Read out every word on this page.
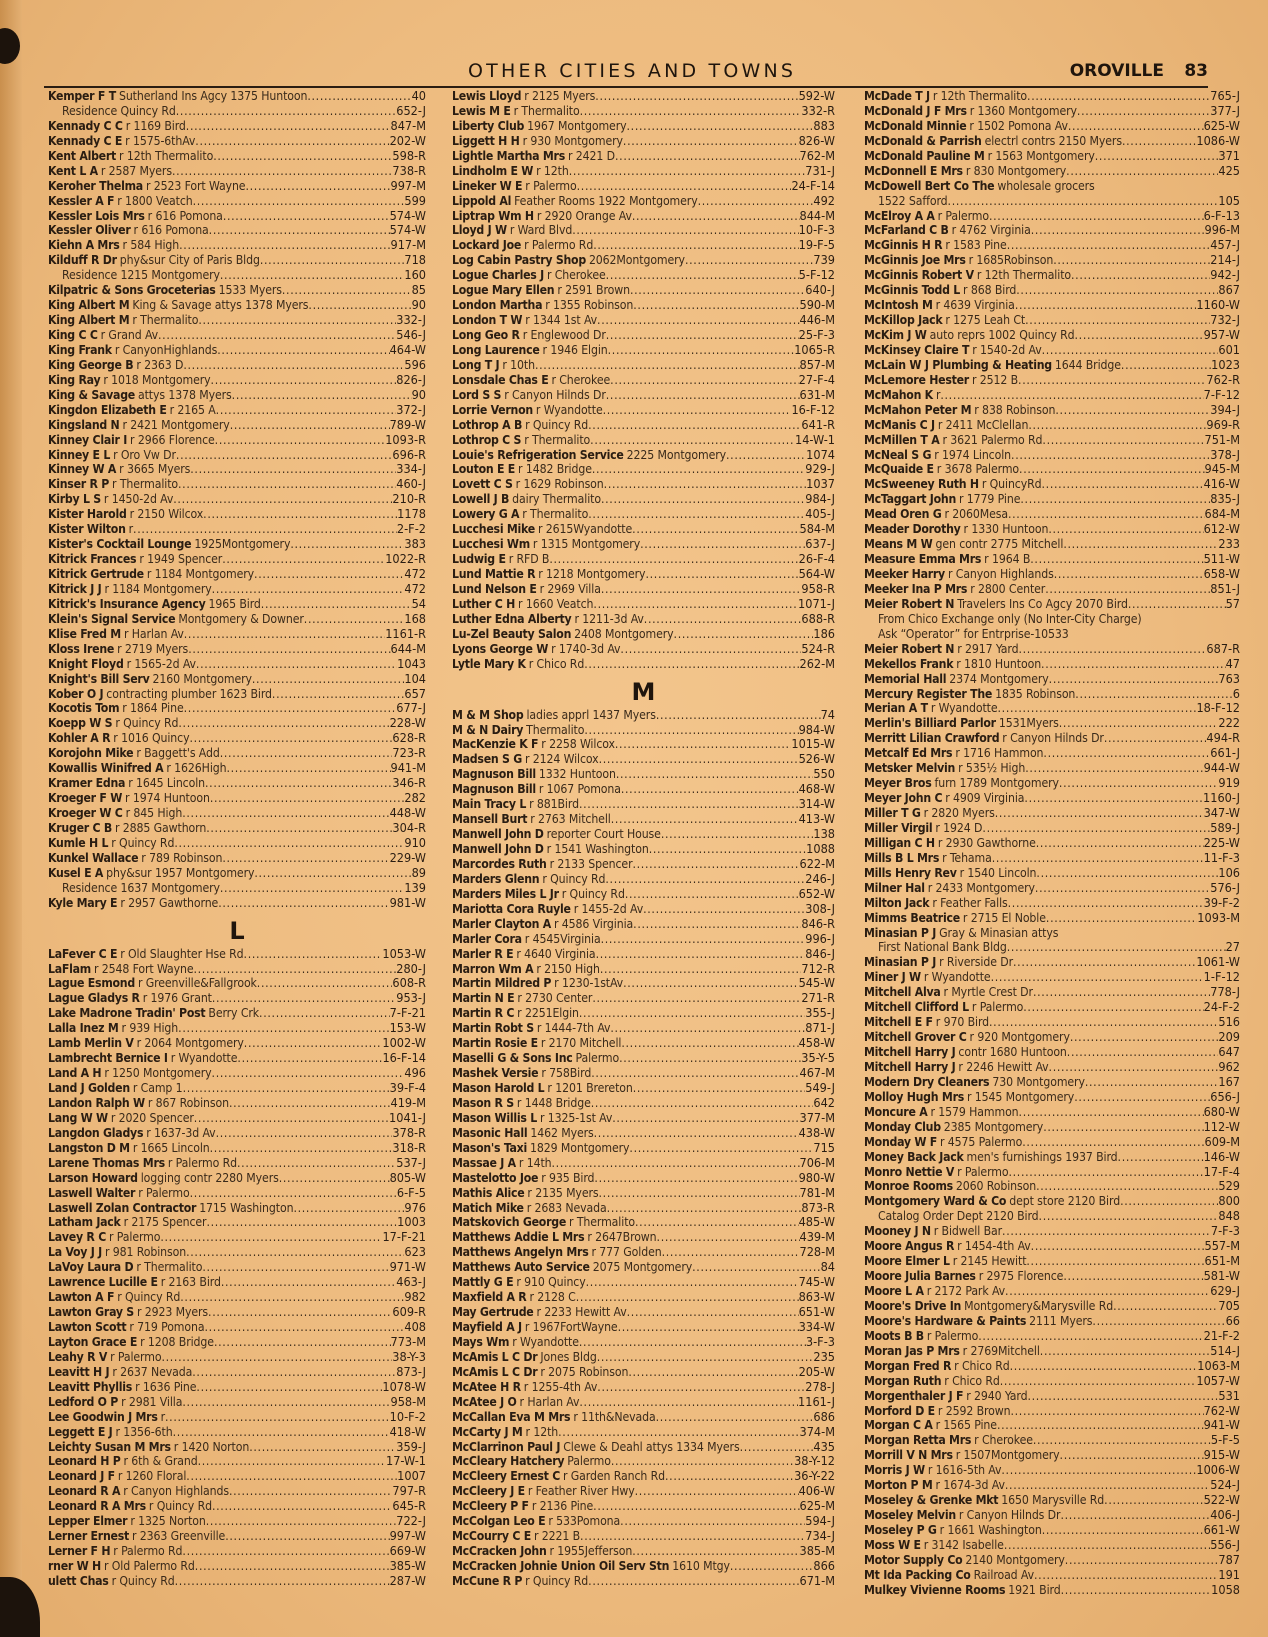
OTHER CITIES AND TOWNS	OROVILLE 83
Kemper F T Sutherland Ins Agcy 1375 Huntoon . . .	40
Residence Quincy Rd . . .	652-J
Kennady C C r 1169 Bird . . .	847-M
Kennady C E r 1575-6thAv . . .	202-W
Kent Albert r 12th Thermalito . . .	598-R
Kent L A r 2587 Myers . . .	738-R
Keroher Thelma r 2523 Fort Wayne . . .	997-M
Kessler A F r 1800 Veatch . . .	599
Kessler Lois Mrs r 616 Pomona . . .	574-W
Kessler Oliver r 616 Pomona . . .	574-W
Kiehn A Mrs r 584 High . . .	917-M
Kilduff R Dr phy&sur City of Paris Bldg . . .	718
Residence 1215 Montgomery . . .	160
Kilpatric & Sons Groceterias 1533 Myers . . .	85
King Albert M King & Savage attys 1378 Myers . . .	90
King Albert M r Thermalito . . .	332-J
King C C r Grand Av . . .	546-J
King Frank r CanyonHighlands . . .	464-W
King George B r 2363 D . . .	596
King Ray r 1018 Montgomery . . .	826-J
King & Savage attys 1378 Myers . . .	90
Kingdon Elizabeth E r 2165 A . . .	372-J
Kingsland N r 2421 Montgomery . . .	789-W
Kinney Clair I r 2966 Florence . . .	1093-R
Kinney E L r Oro Vw Dr . . .	696-R
Kinney W A r 3665 Myers . . .	334-J
Kinser R P r Thermalito . . .	460-J
Kirby L S r 1450-2d Av . . .	210-R
Kister Harold r 2150 Wilcox . . .	1178
Kister Wilton r . . .	2-F-2
Kister's Cocktail Lounge 1925Montgomery . . .	383
Kitrick Frances r 1949 Spencer . . .	1022-R
Kitrick Gertrude r 1184 Montgomery . . .	472
Kitrick J J r 1184 Montgomery . . .	472
Kitrick's Insurance Agency 1965 Bird . . .	54
Klein's Signal Service Montgomery & Downer . . .	168
Klise Fred M r Harlan Av . . .	1161-R
Kloss Irene r 2719 Myers . . .	644-M
Knight Floyd r 1565-2d Av . . .	1043
Knight's Bill Serv 2160 Montgomery . . .	104
Kober O J contracting plumber 1623 Bird . . .	657
Kocotis Tom r 1864 Pine . . .	677-J
Koepp W S r Quincy Rd . . .	228-W
Kohler A R r 1016 Quincy . . .	628-R
Korojohn Mike r Baggett's Add . . .	723-R
Kowallis Winifred A r 1626High . . .	941-M
Kramer Edna r 1645 Lincoln . . .	346-R
Kroeger F W r 1974 Huntoon . . .	282
Kroeger W C r 845 High . . .	448-W
Kruger C B r 2885 Gawthorn . . .	304-R
Kumle H L r Quincy Rd . . .	910
Kunkel Wallace r 789 Robinson . . .	229-W
Kusel E A phy&sur 1957 Montgomery . . .	89
Residence 1637 Montgomery . . .	139
Kyle Mary E r 2957 Gawthorne . . .	981-W
L
LaFever C E r Old Slaughter Hse Rd . . .	1053-W
LaFlam r 2548 Fort Wayne . . .	280-J
Lague Esmond r Greenville&Fallgrook . . .	608-R
Lague Gladys R r 1976 Grant . . .	953-J
Lake Madrone Tradin' Post Berry Crk . . .	7-F-21
Lalla Inez M r 939 High . . .	153-W
Lamb Merlin V r 2064 Montgomery . . .	1002-W
Lambrecht Bernice I r Wyandotte . . .	16-F-14
Land A H r 1250 Montgomery . . .	496
Land J Golden r Camp 1 . . .	39-F-4
Landon Ralph W r 867 Robinson . . .	419-M
Lang W W r 2020 Spencer . . .	1041-J
Langdon Gladys r 1637-3d Av . . .	378-R
Langston D M r 1665 Lincoln . . .	318-R
Larene Thomas Mrs r Palermo Rd . . .	537-J
Larson Howard logging contr 2280 Myers . . .	805-W
Laswell Walter r Palermo . . .	6-F-5
Laswell Zolan Contractor 1715 Washington . . .	976
Latham Jack r 2175 Spencer . . .	1003
Lavey R C r Palermo . . .	17-F-21
La Voy J J r 981 Robinson . . .	623
LaVoy Laura D r Thermalito . . .	971-W
Lawrence Lucille E r 2163 Bird . . .	463-J
Lawton A F r Quincy Rd . . .	982
Lawton Gray S r 2923 Myers . . .	609-R
Lawton Scott r 719 Pomona . . .	408
Layton Grace E r 1208 Bridge . . .	773-M
Leahy R V r Palermo . . .	38-Y-3
Leavitt H J r 2637 Nevada . . .	873-J
Leavitt Phyllis r 1636 Pine . . .	1078-W
Ledford O P r 2981 Villa . . .	958-M
Lee Goodwin J Mrs r . . .	10-F-2
Leggett E J r 1356-6th . . .	418-W
Leichty Susan M Mrs r 1420 Norton . . .	359-J
Leonard H P r 6th & Grand . . .	17-W-1
Leonard J F r 1260 Floral . . .	1007
Leonard R A r Canyon Highlands . . .	797-R
Leonard R A Mrs r Quincy Rd . . .	645-R
Lepper Elmer r 1325 Norton . . .	722-J
Lerner Ernest r 2363 Greenville . . .	997-W
Lerner F H r Palermo Rd . . .	669-W
rner W H r Old Palermo Rd . . .	385-W
ulett Chas r Quincy Rd . . .	287-W
Lewis Lloyd r 2125 Myers . . .	592-W
Lewis M E r Thermalito . . .	332-R
Liberty Club 1967 Montgomery . . .	883
Liggett H H r 930 Montgomery . . .	826-W
Lightle Martha Mrs r 2421 D . . .	762-M
Lindholm E W r 12th . . .	731-J
Lineker W E r Palermo . . .	24-F-14
Lippold Al Feather Rooms 1922 Montgomery . . .	492
Liptrap Wm H r 2920 Orange Av . . .	844-M
Lloyd J W r Ward Blvd . . .	10-F-3
Lockard Joe r Palermo Rd . . .	19-F-5
Log Cabin Pastry Shop 2062Montgomery . . .	739
Logue Charles J r Cherokee . . .	5-F-12
Logue Mary Ellen r 2591 Brown . . .	640-J
London Martha r 1355 Robinson . . .	590-M
London T W r 1344 1st Av . . .	446-M
Long Geo R r Englewood Dr . . .	25-F-3
Long Laurence r 1946 Elgin . . .	1065-R
Long T J r 10th . . .	857-M
Lonsdale Chas E r Cherokee . . .	27-F-4
Lord S S r Canyon Hilnds Dr . . .	631-M
Lorrie Vernon r Wyandotte . . .	16-F-12
Lothrop A B r Quincy Rd . . .	641-R
Lothrop C S r Thermalito . . .	14-W-1
Louie's Refrigeration Service 2225 Montgomery . . .	1074
Louton E E r 1482 Bridge . . .	929-J
Lovett C S r 1629 Robinson . . .	1037
Lowell J B dairy Thermalito . . .	984-J
Lowery G A r Thermalito . . .	405-J
Lucchesi Mike r 2615Wyandotte . . .	584-M
Lucchesi Wm r 1315 Montgomery . . .	637-J
Ludwig E r RFD B . . .	26-F-4
Lund Mattie R r 1218 Montgomery . . .	564-W
Lund Nelson E r 2969 Villa . . .	958-R
Luther C H r 1660 Veatch . . .	1071-J
Luther Edna Alberty r 1211-3d Av . . .	688-R
Lu-Zel Beauty Salon 2408 Montgomery . . .	186
Lyons George W r 1740-3d Av . . .	524-R
Lytle Mary K r Chico Rd . . .	262-M
M
M & M Shop ladies apprl 1437 Myers . . .	74
M & N Dairy Thermalito . . .	984-W
MacKenzie K F r 2258 Wilcox . . .	1015-W
Madsen S G r 2124 Wilcox . . .	526-W
Magnuson Bill 1332 Huntoon . . .	550
Magnuson Bill r 1067 Pomona . . .	468-W
Main Tracy L r 881Bird . . .	314-W
Mansell Burt r 2763 Mitchell . . .	413-W
Manwell John D reporter Court House . . .	138
Manwell John D r 1541 Washington . . .	1088
Marcordes Ruth r 2133 Spencer . . .	622-M
Marders Glenn r Quincy Rd . . .	246-J
Marders Miles L Jr r Quincy Rd . . .	652-W
Mariotta Cora Ruyle r 1455-2d Av . . .	308-J
Marler Clayton A r 4586 Virginia . . .	846-R
Marler Cora r 4545Virginia . . .	996-J
Marler R E r 4640 Virginia . . .	846-J
Marron Wm A r 2150 High . . .	712-R
Martin Mildred P r 1230-1stAv . . .	545-W
Martin N E r 2730 Center . . .	271-R
Martin R C r 2251Elgin . . .	355-J
Martin Robt S r 1444-7th Av . . .	871-J
Martin Rosie E r 2170 Mitchell . . .	458-W
Maselli G & Sons Inc Palermo . . .	35-Y-5
Mashek Versie r 758Bird . . .	467-M
Mason Harold L r 1201 Brereton . . .	549-J
Mason R S r 1448 Bridge . . .	642
Mason Willis L r 1325-1st Av . . .	377-M
Masonic Hall 1462 Myers . . .	438-W
Mason's Taxi 1829 Montgomery . . .	715
Massae J A r 14th . . .	706-M
Mastelotto Joe r 935 Bird . . .	980-W
Mathis Alice r 2135 Myers . . .	781-M
Matich Mike r 2683 Nevada . . .	873-R
Matskovich George r Thermalito . . .	485-W
Matthews Addie L Mrs r 2647Brown . . .	439-M
Matthews Angelyn Mrs r 777 Golden . . .	728-M
Matthews Auto Service 2075 Montgomery . . .	84
Mattly G E r 910 Quincy . . .	745-W
Maxfield A R r 2128 C . . .	863-W
May Gertrude r 2233 Hewitt Av . . .	651-W
Mayfield A J r 1967FortWayne . . .	334-W
Mays Wm r Wyandotte . . .	3-F-3
McAmis L C Dr Jones Bldg . . .	235
McAmis L C Dr r 2075 Robinson . . .	205-W
McAtee H R r 1255-4th Av . . .	278-J
McAtee J O r Harlan Av . . .	1161-J
McCallan Eva M Mrs r 11th&Nevada . . .	686
McCarty J M r 12th . . .	374-M
McClarrinon Paul J Clewe & Deahl attys 1334 Myers . . .	435
McCleary Hatchery Palermo . . .	38-Y-12
McCleery Ernest C r Garden Ranch Rd . . .	36-Y-22
McCleery J E r Feather River Hwy . . .	406-W
McCleery P F r 2136 Pine . . .	625-M
McColgan Leo E r 533Pomona . . .	594-J
McCourry C E r 2221 B . . .	734-J
McCracken John r 1955Jefferson . . .	385-M
McCracken Johnie Union Oil Serv Stn 1610 Mtgy . . .	866
McCune R P r Quincy Rd . . .	671-M
McDade T J r 12th Thermalito . . .	765-J
McDonald J F Mrs r 1360 Montgomery . . .	377-J
McDonald Minnie r 1502 Pomona Av . . .	625-W
McDonald & Parrish electrl contrs 2150 Myers . . .	1086-W
McDonald Pauline M r 1563 Montgomery . . .	371
McDonnell E Mrs r 830 Montgomery . . .	425
McDowell Bert Co The wholesale grocers
1522 Safford . . .	105
McElroy A A r Palermo . . .	6-F-13
McFarland C B r 4762 Virginia . . .	996-M
McGinnis H R r 1583 Pine . . .	457-J
McGinnis Joe Mrs r 1685Robinson . . .	214-J
McGinnis Robert V r 12th Thermalito . . .	942-J
McGinnis Todd L r 868 Bird . . .	867
McIntosh M r 4639 Virginia . . .	1160-W
McKillop Jack r 1275 Leah Ct . . .	732-J
McKim J W auto reprs 1002 Quincy Rd . . .	957-W
McKinsey Claire T r 1540-2d Av . . .	601
McLain W J Plumbing & Heating 1644 Bridge . . .	1023
McLemore Hester r 2512 B . . .	762-R
McMahon K r . . .	7-F-12
McMahon Peter M r 838 Robinson . . .	394-J
McManis C J r 2411 McClellan . . .	969-R
McMillen T A r 3621 Palermo Rd . . .	751-M
McNeal S G r 1974 Lincoln . . .	378-J
McQuaide E r 3678 Palermo . . .	945-M
McSweeney Ruth H r QuincyRd . . .	416-W
McTaggart John r 1779 Pine . . .	835-J
Mead Oren G r 2060Mesa . . .	684-M
Meader Dorothy r 1330 Huntoon . . .	612-W
Means M W gen contr 2775 Mitchell . . .	233
Measure Emma Mrs r 1964 B . . .	511-W
Meeker Harry r Canyon Highlands . . .	658-W
Meeker Ina P Mrs r 2800 Center . . .	851-J
Meier Robert N Travelers Ins Co Agcy 2070 Bird . . .	57
From Chico Exchange only (No Inter-City Charge)
Ask “Operator” for Entrprise-10533
Meier Robert N r 2917 Yard . . .	687-R
Mekellos Frank r 1810 Huntoon . . .	47
Memorial Hall 2374 Montgomery . . .	763
Mercury Register The 1835 Robinson . . .	6
Merian A T r Wyandotte . . .	18-F-12
Merlin's Billiard Parlor 1531Myers . . .	222
Merritt Lilian Crawford r Canyon Hilnds Dr . . .	494-R
Metcalf Ed Mrs r 1716 Hammon . . .	661-J
Metsker Melvin r 535½ High . . .	944-W
Meyer Bros furn 1789 Montgomery . . .	919
Meyer John C r 4909 Virginia . . .	1160-J
Miller T G r 2820 Myers . . .	347-W
Miller Virgil r 1924 D . . .	589-J
Milligan C H r 2930 Gawthorne . . .	225-W
Mills B L Mrs r Tehama . . .	11-F-3
Mills Henry Rev r 1540 Lincoln . . .	106
Milner Hal r 2433 Montgomery . . .	576-J
Milton Jack r Feather Falls . . .	39-F-2
Mimms Beatrice r 2715 El Noble . . .	1093-M
Minasian P J Gray & Minasian attys
First National Bank Bldg . . .	27
Minasian P J r Riverside Dr . . .	1061-W
Miner J W r Wyandotte . . .	1-F-12
Mitchell Alva r Myrtle Crest Dr . . .	778-J
Mitchell Clifford L r Palermo . . .	24-F-2
Mitchell E F r 970 Bird . . .	516
Mitchell Grover C r 920 Montgomery . . .	209
Mitchell Harry J contr 1680 Huntoon . . .	647
Mitchell Harry J r 2246 Hewitt Av . . .	962
Modern Dry Cleaners 730 Montgomery . . .	167
Molloy Hugh Mrs r 1545 Montgomery . . .	656-J
Moncure A r 1579 Hammon . . .	680-W
Monday Club 2385 Montgomery . . .	112-W
Monday W F r 4575 Palermo . . .	609-M
Money Back Jack men's furnishings 1937 Bird . . .	146-W
Monro Nettie V r Palermo . . .	17-F-4
Monroe Rooms 2060 Robinson . . .	529
Montgomery Ward & Co dept store 2120 Bird . . .	800
Catalog Order Dept 2120 Bird . . .	848
Mooney J N r Bidwell Bar . . .	7-F-3
Moore Angus R r 1454-4th Av . . .	557-M
Moore Elmer L r 2145 Hewitt . . .	651-M
Moore Julia Barnes r 2975 Florence . . .	581-W
Moore L A r 2172 Park Av . . .	629-J
Moore's Drive In Montgomery&Marysville Rd . . .	705
Moore's Hardware & Paints 2111 Myers . . .	66
Moots B B r Palermo . . .	21-F-2
Moran Jas P Mrs r 2769Mitchell . . .	514-J
Morgan Fred R r Chico Rd . . .	1063-M
Morgan Ruth r Chico Rd . . .	1057-W
Morgenthaler J F r 2940 Yard . . .	531
Morford D E r 2592 Brown . . .	762-W
Morgan C A r 1565 Pine . . .	941-W
Morgan Retta Mrs r Cherokee . . .	5-F-5
Morrill V N Mrs r 1507Montgomery . . .	915-W
Morris J W r 1616-5th Av . . .	1006-W
Morton P M r 1674-3d Av . . .	524-J
Moseley & Grenke Mkt 1650 Marysville Rd . . .	522-W
Moseley Melvin r Canyon Hilnds Dr . . .	406-J
Moseley P G r 1661 Washington . . .	661-W
Moss W E r 3142 Isabelle . . .	556-J
Motor Supply Co 2140 Montgomery . . .	787
Mt Ida Packing Co Railroad Av . . .	191
Mulkey Vivienne Rooms 1921 Bird . . .	1058
